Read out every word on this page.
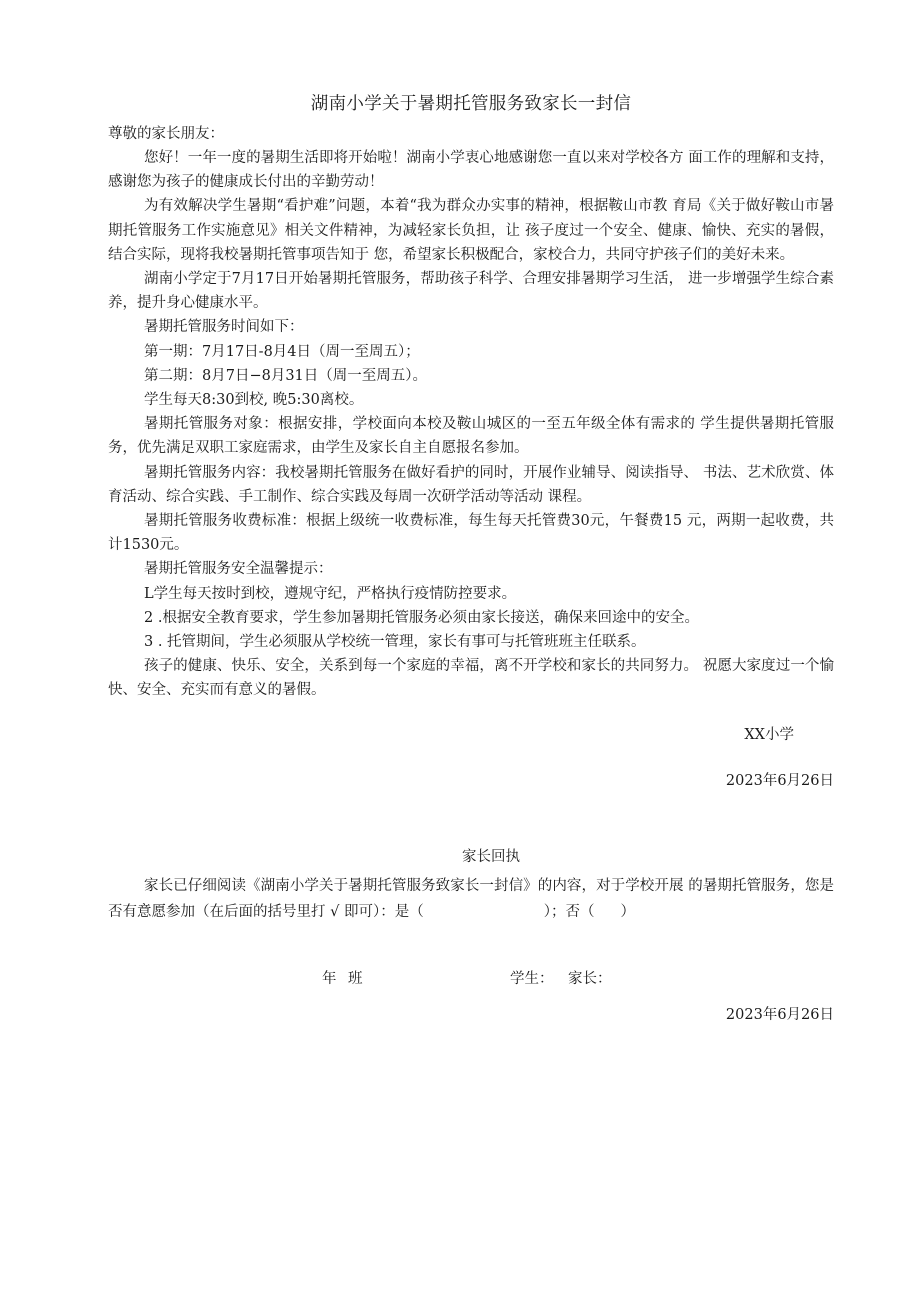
湖南小学关于暑期托管服务致家长一封信

尊敬的家长朋友：

您好！一年一度的暑期生活即将开始啦！湖南小学衷心地感谢您一直以来对学校各方 面工作的理解和支持，感谢您为孩子的健康成长付出的辛勤劳动！

为有效解决学生暑期“看护难”问题，本着“我为群众办实事的精神，根据鞍山市教 育局《关于做好鞍山市暑期托管服务工作实施意见》相关文件精神，为减轻家长负担，让 孩子度过一个安全、健康、愉快、充实的暑假，结合实际，现将我校暑期托管事项告知于 您，希望家长积极配合，家校合力，共同守护孩子们的美好未来。

湖南小学定于7月17日开始暑期托管服务，帮助孩子科学、合理安排暑期学习生活， 进一步增强学生综合素养，提升身心健康水平。

暑期托管服务时间如下：

第一期：7月17日-8月4日（周一至周五）；

第二期：8月7日−8月31日（周一至周五）。

学生每天8:30到校, 晚5:30离校。

暑期托管服务对象：根据安排，学校面向本校及鞍山城区的一至五年级全体有需求的 学生提供暑期托管服务，优先满足双职工家庭需求，由学生及家长自主自愿报名参加。

暑期托管服务内容：我校暑期托管服务在做好看护的同时，开展作业辅导、阅读指导、 书法、艺术欣赏、体育活动、综合实践、手工制作、综合实践及每周一次研学活动等活动 课程。

暑期托管服务收费标准：根据上级统一收费标准，每生每天托管费30元，午餐费15 元，两期一起收费，共计1530元。

暑期托管服务安全温馨提示：

L学生每天按时到校，遵规守纪，严格执行疫情防控要求。

2 .根据安全教育要求，学生参加暑期托管服务必须由家长接送，确保来回途中的安全。

3 . 托管期间，学生必须服从学校统一管理，家长有事可与托管班班主任联系。

孩子的健康、快乐、安全，关系到每一个家庭的幸福，离不开学校和家长的共同努力。 祝愿大家度过一个愉快、安全、充实而有意义的暑假。

XX小学

2023年6月26日

家长回执

家长已仔细阅读《湖南小学关于暑期托管服务致家长一封信》的内容，对于学校开展 的暑期托管服务，您是否有意愿参加（在后面的括号里打 √ 即可）：是（	）；否（ ）

年 班	学生： 家长：

2023年6月26日
